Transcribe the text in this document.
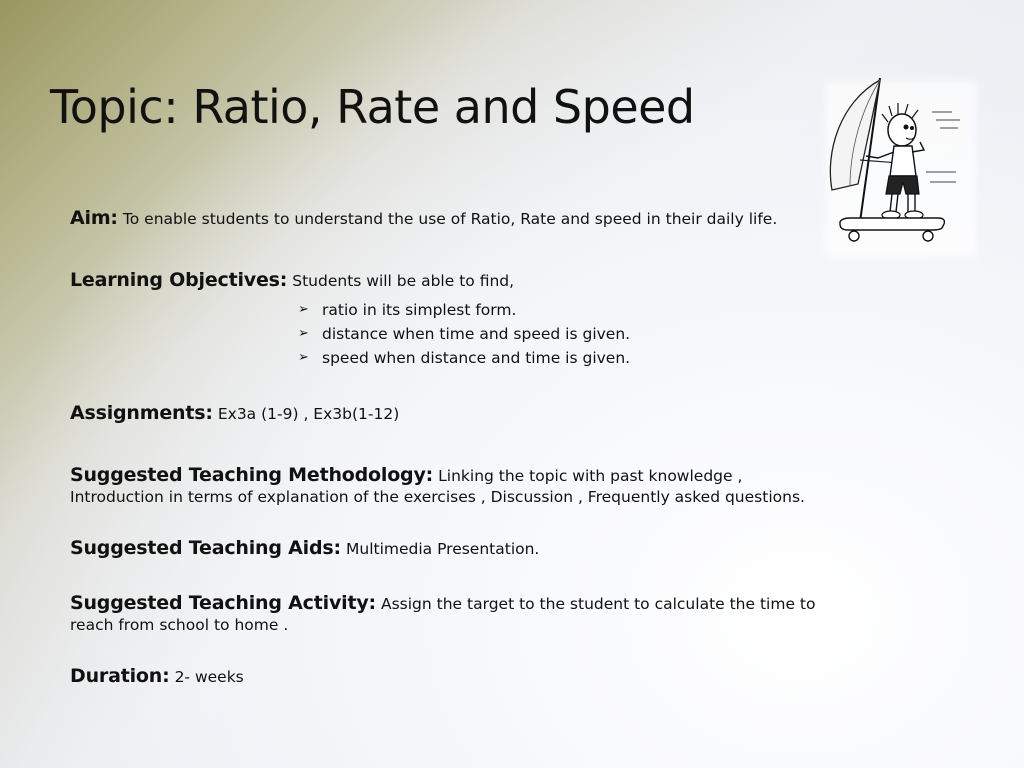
Topic: Ratio, Rate and Speed
Aim: To enable students to understand the use of Ratio, Rate and speed in their daily life.
Learning Objectives: Students will be able to find,
➢ ratio in its simplest form.
➢ distance when time and speed is given.
➢ speed when distance and time is given.
Assignments: Ex3a (1-9) , Ex3b(1-12)
Suggested Teaching Methodology: Linking the topic with past knowledge ,
Introduction in terms of explanation of the exercises , Discussion , Frequently asked questions.
Suggested Teaching Aids: Multimedia Presentation.
Suggested Teaching Activity: Assign the target to the student to calculate the time to
reach from school to home .
Duration: 2- weeks
